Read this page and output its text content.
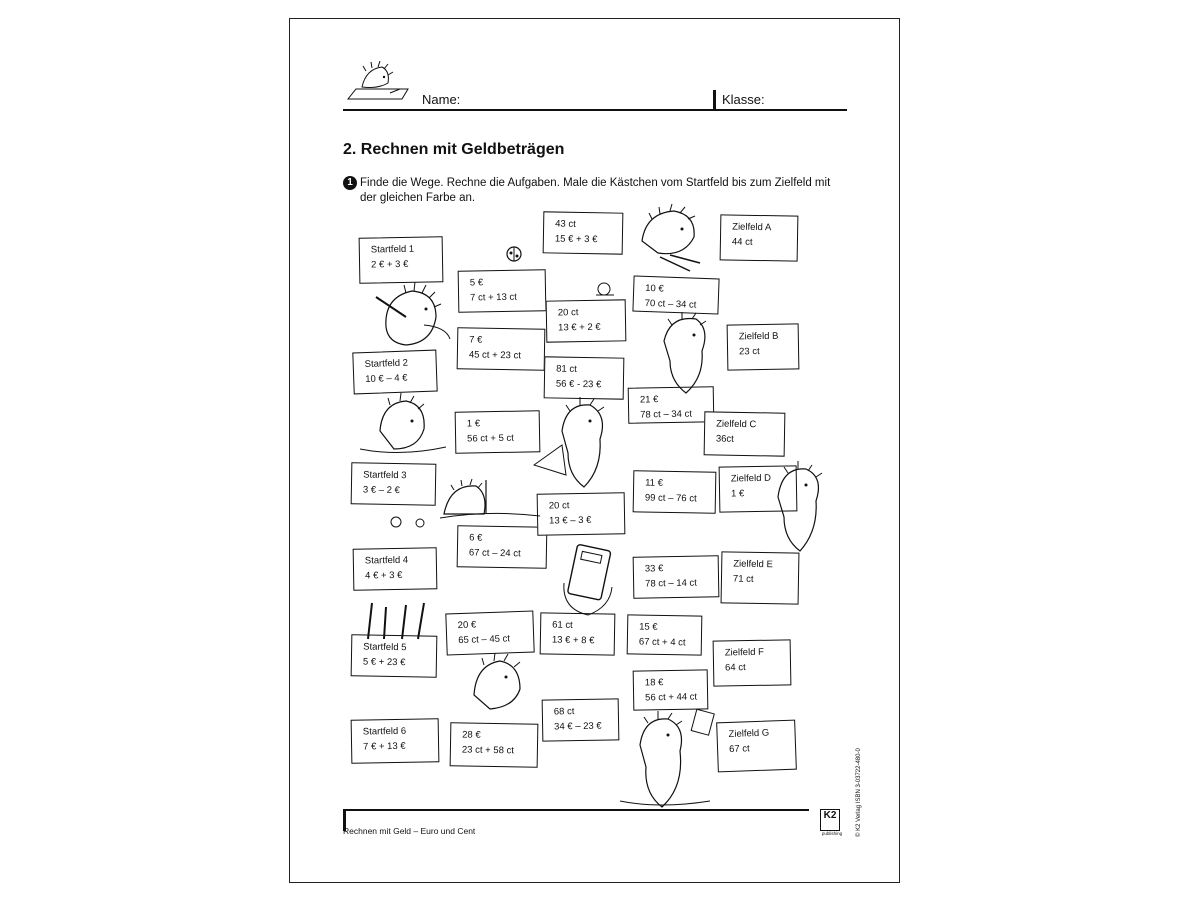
Name:	Klasse:
2. Rechnen mit Geldbeträgen
1 Finde die Wege. Rechne die Aufgaben. Male die Kästchen vom Startfeld bis zum Zielfeld mit
der gleichen Farbe an.
Startfeld 1
2 € + 3 €
Startfeld 2
10 € – 4 €
Startfeld 3
3 € – 2 €
Startfeld 4
4 € + 3 €
Startfeld 5
5 € + 23 €
Startfeld 6
7 € + 13 €
5 €
7 ct + 13 ct
7 €
45 ct + 23 ct
1 €
56 ct + 5 ct
6 €
67 ct – 24 ct
20 €
65 ct – 45 ct
28 €
23 ct + 58 ct
43 ct
15 € + 3 €
20 ct
13 € + 2 €
81 ct
56 € - 23 €
20 ct
13 € – 3 €
61 ct
13 € + 8 €
68 ct
34 € – 23 €
10 €
70 ct – 34 ct
21 €
78 ct – 34 ct
11 €
99 ct – 76 ct
33 €
78 ct – 14 ct
15 €
67 ct + 4 ct
18 €
56 ct + 44 ct
Zielfeld A
44 ct
Zielfeld B
23 ct
Zielfeld C
36ct
Zielfeld D
1 €
Zielfeld E
71 ct
Zielfeld F
64 ct
Zielfeld G
67 ct
Rechnen mit Geld – Euro und Cent
K2
publishing	© K2 Verlag ISBN 3-03722-480-0
